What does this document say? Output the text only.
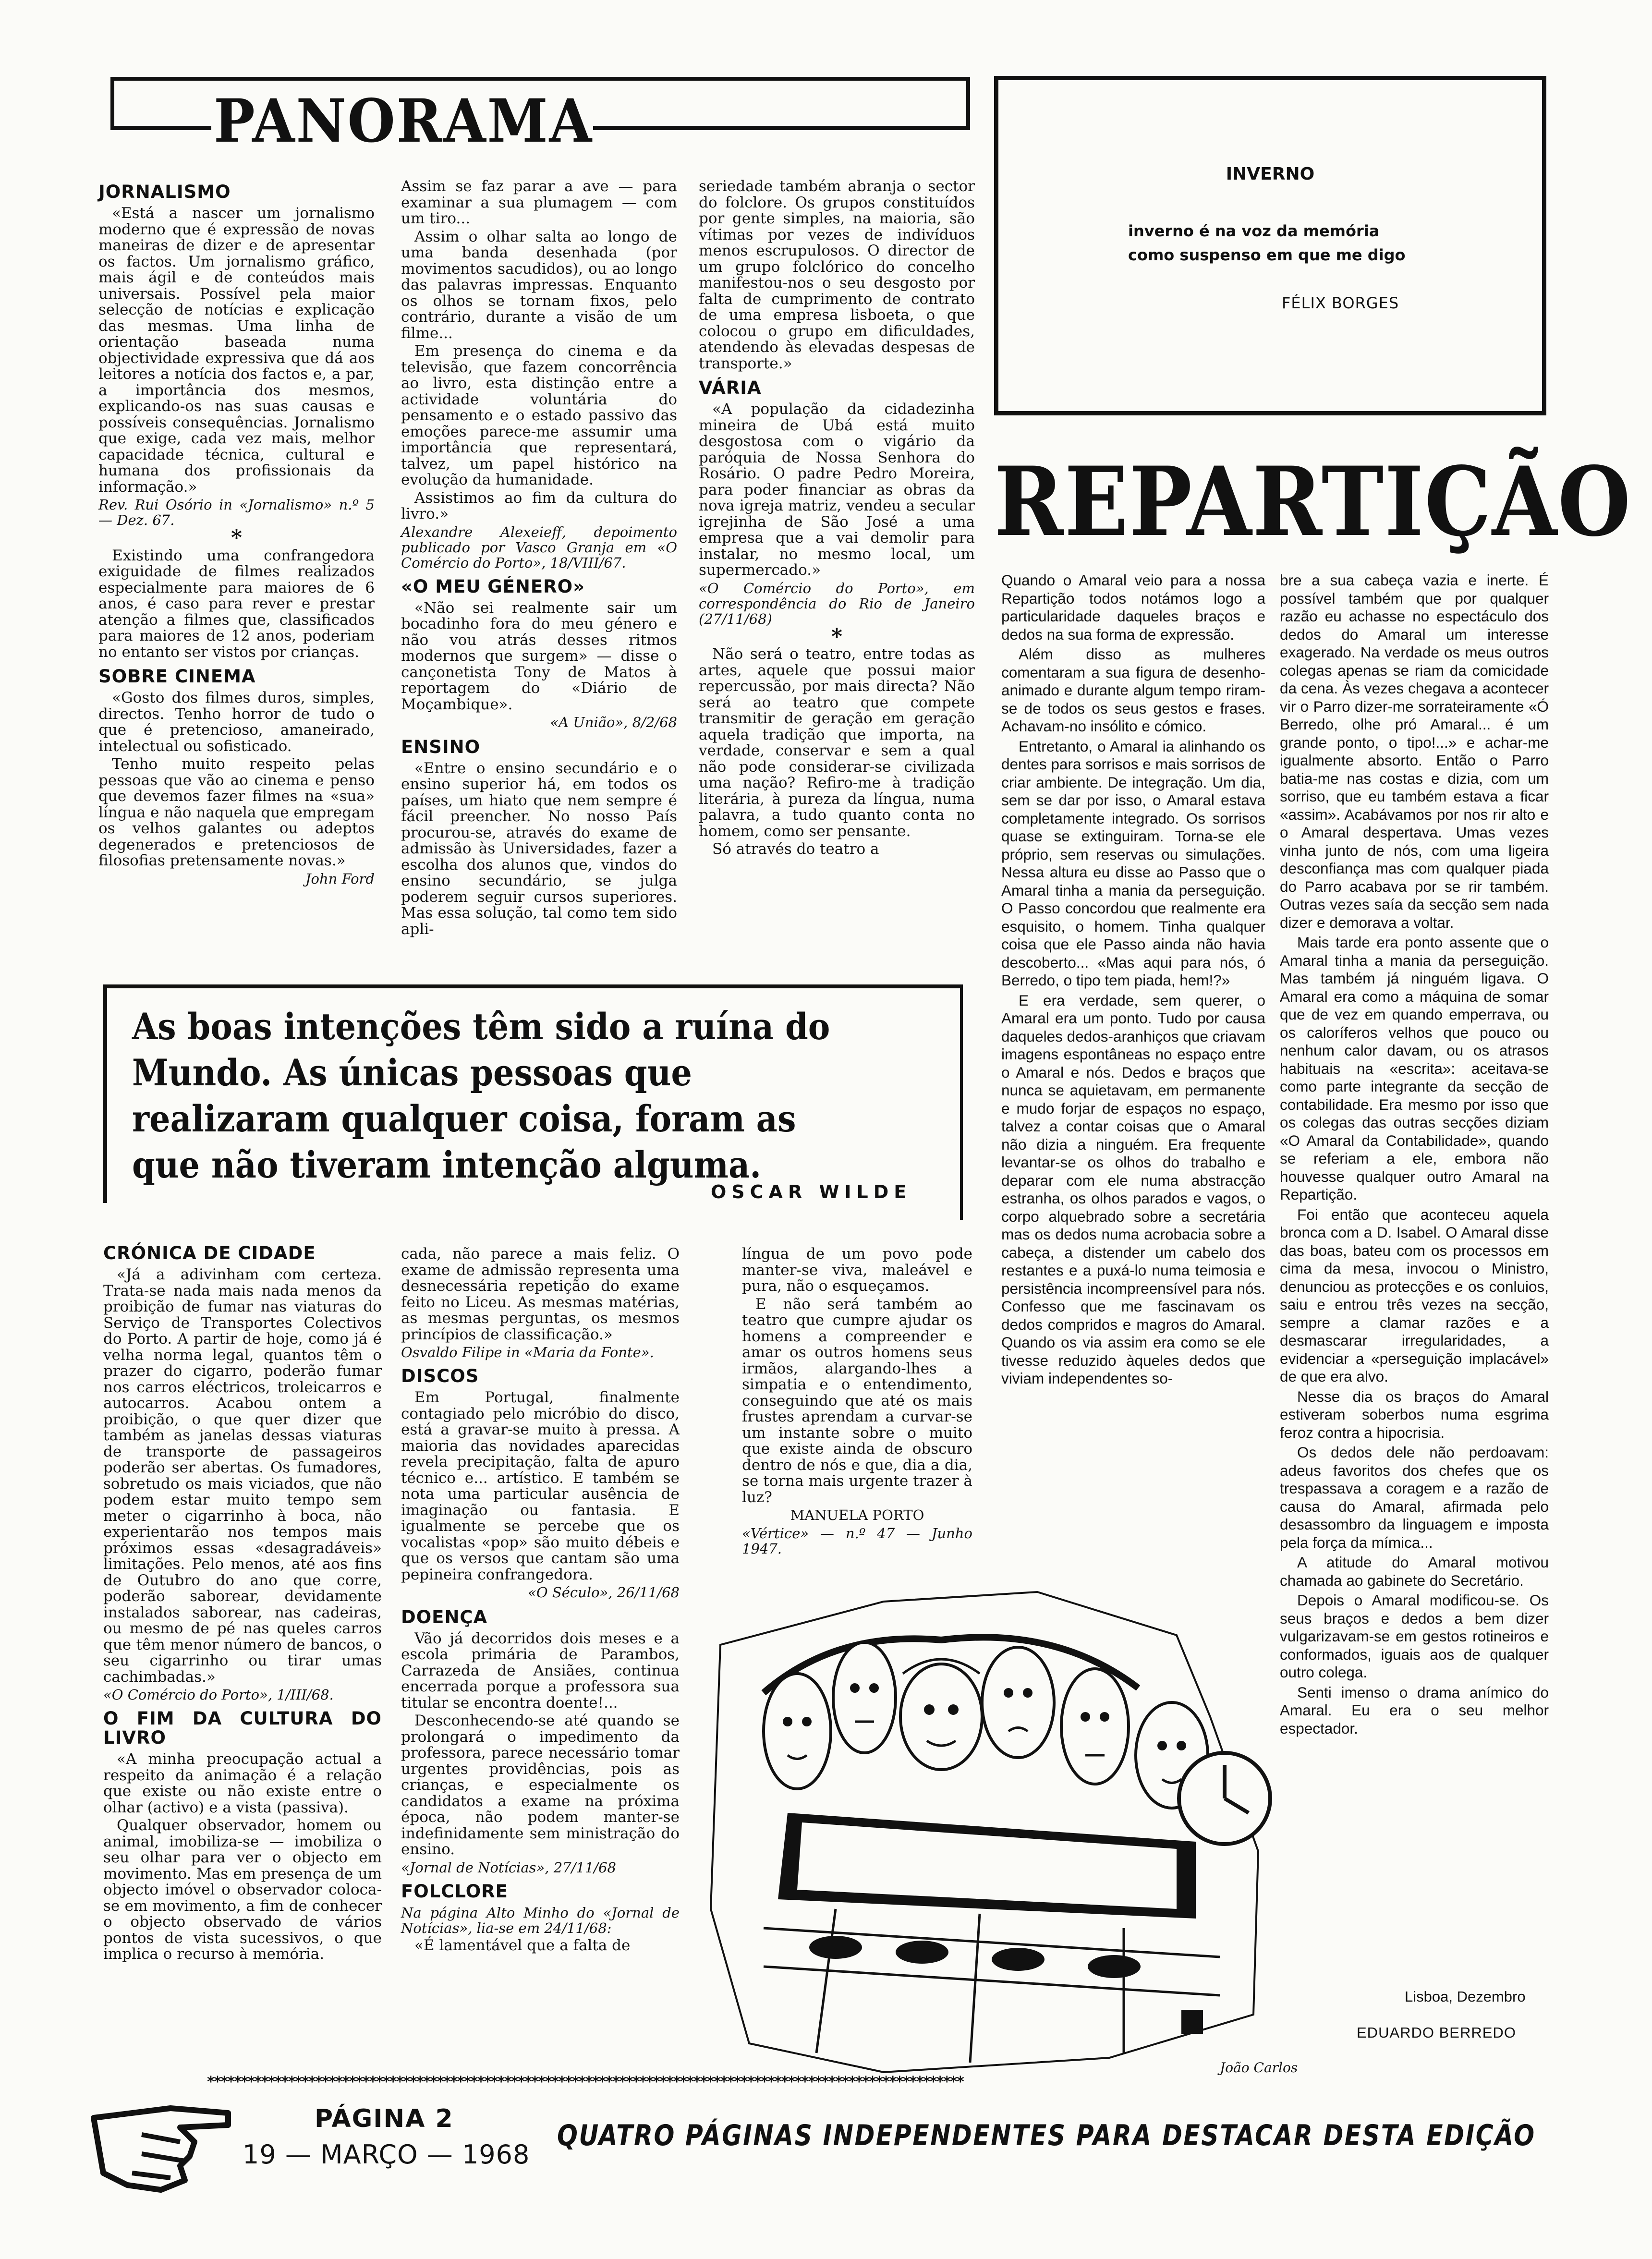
PANORAMA
INVERNO
inverno é na voz da memória
como suspenso em que me digo
FÉLIX BORGES
JORNALISMO

«Está a nascer um jornalismo moderno que é expressão de novas maneiras de dizer e de apresentar os factos. Um jornalismo gráfico, mais ágil e de conteúdos mais universais. Possível pela maior selecção de notícias e explicação das mesmas. Uma linha de orientação baseada numa objectividade expressiva que dá aos leitores a notícia dos factos e, a par, a importância dos mesmos, explicando-os nas suas causas e possíveis consequências. Jornalismo que exige, cada vez mais, melhor capacidade técnica, cultural e humana dos profissionais da informação.»

Rev. Rui Osório in «Jornalismo» n.º 5 — Dez. 67.

*

Existindo uma confrangedora exiguidade de filmes realizados especialmente para maiores de 6 anos, é caso para rever e prestar atenção a filmes que, classificados para maiores de 12 anos, poderiam no entanto ser vistos por crianças.

SOBRE CINEMA

«Gosto dos filmes duros, simples, directos. Tenho horror de tudo o que é pretencioso, amaneirado, intelectual ou sofisticado.

Tenho muito respeito pelas pessoas que vão ao cinema e penso que devemos fazer filmes na «sua» língua e não naquela que empregam os velhos galantes ou adeptos degenerados e pretenciosos de filosofias pretensamente novas.»

John Ford

Assim se faz parar a ave — para examinar a sua plumagem — com um tiro...

Assim o olhar salta ao longo de uma banda desenhada (por movimentos sacudidos), ou ao longo das palavras impressas. Enquanto os olhos se tornam fixos, pelo contrário, durante a visão de um filme...

Em presença do cinema e da televisão, que fazem concorrência ao livro, esta distinção entre a actividade voluntária do pensamento e o estado passivo das emoções parece-me assumir uma importância que representará, talvez, um papel histórico na evolução da humanidade.

Assistimos ao fim da cultura do livro.»

Alexandre Alexeieff, depoimento publicado por Vasco Granja em «O Comércio do Porto», 18/VIII/67.

«O MEU GÉNERO»

«Não sei realmente sair um bocadinho fora do meu género e não vou atrás desses ritmos modernos que surgem» — disse o cançonetista Tony de Matos à reportagem do «Diário de Moçambique».

«A União», 8/2/68

ENSINO

«Entre o ensino secundário e o ensino superior há, em todos os países, um hiato que nem sempre é fácil preencher. No nosso País procurou-se, através do exame de admissão às Universidades, fazer a escolha dos alunos que, vindos do ensino secundário, se julga poderem seguir cursos superiores. Mas essa solução, tal como tem sido apli-

seriedade também abranja o sector do folclore. Os grupos constituídos por gente simples, na maioria, são vítimas por vezes de indivíduos menos escrupulosos. O director de um grupo folclórico do concelho manifestou-nos o seu desgosto por falta de cumprimento de contrato de uma empresa lisboeta, o que colocou o grupo em dificuldades, atendendo às elevadas despesas de transporte.»

VÁRIA

«A população da cidadezinha mineira de Ubá está muito desgostosa com o vigário da paróquia de Nossa Senhora do Rosário. O padre Pedro Moreira, para poder financiar as obras da nova igreja matriz, vendeu a secular igrejinha de São José a uma empresa que a vai demolir para instalar, no mesmo local, um supermercado.»

«O Comércio do Porto», em correspondência do Rio de Janeiro (27/11/68)

*

Não será o teatro, entre todas as artes, aquele que possui maior repercussão, por mais directa? Não será ao teatro que compete transmitir de geração em geração aquela tradição que importa, na verdade, conservar e sem a qual não pode considerar-se civilizada uma nação? Refiro-me à tradição literária, à pureza da língua, numa palavra, a tudo quanto conta no homem, como ser pensante.

Só através do teatro a

As boas intenções têm sido a ruína do Mundo. As únicas pessoas que realizaram qualquer coisa, foram as que não tiveram intenção alguma.
OSCAR WILDE
CRÓNICA DE CIDADE

«Já a adivinham com certeza. Trata-se nada mais nada menos da proibição de fumar nas viaturas do Serviço de Transportes Colectivos do Porto. A partir de hoje, como já é velha norma legal, quantos têm o prazer do cigarro, poderão fumar nos carros eléctricos, troleicarros e autocarros. Acabou ontem a proibição, o que quer dizer que também as janelas dessas viaturas de transporte de passageiros poderão ser abertas. Os fumadores, sobretudo os mais viciados, que não podem estar muito tempo sem meter o cigarrinho à boca, não experientarão nos tempos mais próximos essas «desagradáveis» limitações. Pelo menos, até aos fins de Outubro do ano que corre, poderão saborear, devidamente instalados saborear, nas cadeiras, ou mesmo de pé nas queles carros que têm menor número de bancos, o seu cigarrinho ou tirar umas cachimbadas.»

«O Comércio do Porto», 1/III/68.

O FIM DA CULTURA DO LIVRO

«A minha preocupação actual a respeito da animação é a relação que existe ou não existe entre o olhar (activo) e a vista (passiva).

Qualquer observador, homem ou animal, imobiliza-se — imobiliza o seu olhar para ver o objecto em movimento. Mas em presença de um objecto imóvel o observador coloca-se em movimento, a fim de conhecer o objecto observado de vários pontos de vista sucessivos, o que implica o recurso à memória.

cada, não parece a mais feliz. O exame de admissão representa uma desnecessária repetição do exame feito no Liceu. As mesmas matérias, as mesmas perguntas, os mesmos princípios de classificação.»

Osvaldo Filipe in «Maria da Fonte».

DISCOS

Em Portugal, finalmente contagiado pelo micróbio do disco, está a gravar-se muito à pressa. A maioria das novidades aparecidas revela precipitação, falta de apuro técnico e... artístico. E também se nota uma particular ausência de imaginação ou fantasia. E igualmente se percebe que os vocalistas «pop» são muito débeis e que os versos que cantam são uma pepineira confrangedora.

«O Século», 26/11/68

DOENÇA

Vão já decorridos dois meses e a escola primária de Parambos, Carrazeda de Ansiães, continua encerrada porque a professora sua titular se encontra doente!...

Desconhecendo-se até quando se prolongará o impedimento da professora, parece necessário tomar urgentes providências, pois as crianças, e especialmente os candidatos a exame na próxima época, não podem manter-se indefinidamente sem ministração do ensino.

«Jornal de Notícias», 27/11/68

FOLCLORE

Na página Alto Minho do «Jornal de Notícias», lia-se em 24/11/68:

«É lamentável que a falta de

língua de um povo pode manter-se viva, maleável e pura, não o esqueçamos.

E não será também ao teatro que cumpre ajudar os homens a compreender e amar os outros homens seus irmãos, alargando-lhes a simpatia e o entendimento, conseguindo que até os mais frustes aprendam a curvar-se um instante sobre o muito que existe ainda de obscuro dentro de nós e que, dia a dia, se torna mais urgente trazer à luz?

MANUELA PORTO

«Vértice» — n.º 47 — Junho 1947.

João Carlos
REPARTIÇÃO

Quando o Amaral veio para a nossa Repartição todos notámos logo a particularidade daqueles braços e dedos na sua forma de expressão.

Além disso as mulheres comentaram a sua figura de desenho-animado e durante algum tempo riram-se de todos os seus gestos e frases. Achavam-no insólito e cómico.

Entretanto, o Amaral ia alinhando os dentes para sorrisos e mais sorrisos de criar ambiente. De integração. Um dia, sem se dar por isso, o Amaral estava completamente integrado. Os sorrisos quase se extinguiram. Torna-se ele próprio, sem reservas ou simulações. Nessa altura eu disse ao Passo que o Amaral tinha a mania da perseguição. O Passo concordou que realmente era esquisito, o homem. Tinha qualquer coisa que ele Passo ainda não havia descoberto... «Mas aqui para nós, ó Berredo, o tipo tem piada, hem!?»

E era verdade, sem querer, o Amaral era um ponto. Tudo por causa daqueles dedos-aranhiços que criavam imagens espontâneas no espaço entre o Amaral e nós. Dedos e braços que nunca se aquietavam, em permanente e mudo forjar de espaços no espaço, talvez a contar coisas que o Amaral não dizia a ninguém. Era frequente levantar-se os olhos do trabalho e deparar com ele numa abstracção estranha, os olhos parados e vagos, o corpo alquebrado sobre a secretária mas os dedos numa acrobacia sobre a cabeça, a distender um cabelo dos restantes e a puxá-lo numa teimosia e persistência incompreensível para nós. Confesso que me fascinavam os dedos compridos e magros do Amaral. Quando os via assim era como se ele tivesse reduzido àqueles dedos que viviam independentes so-

bre a sua cabeça vazia e inerte. É possível também que por qualquer razão eu achasse no espectáculo dos dedos do Amaral um interesse exagerado. Na verdade os meus outros colegas apenas se riam da comicidade da cena. Às vezes chegava a acontecer vir o Parro dizer-me sorrateiramente «Ó Berredo, olhe pró Amaral... é um grande ponto, o tipo!...» e achar-me igualmente absorto. Então o Parro batia-me nas costas e dizia, com um sorriso, que eu também estava a ficar «assim». Acabávamos por nos rir alto e o Amaral despertava. Umas vezes vinha junto de nós, com uma ligeira desconfiança mas com qualquer piada do Parro acabava por se rir também. Outras vezes saía da secção sem nada dizer e demorava a voltar.

Mais tarde era ponto assente que o Amaral tinha a mania da perseguição. Mas também já ninguém ligava. O Amaral era como a máquina de somar que de vez em quando emperrava, ou os caloríferos velhos que pouco ou nenhum calor davam, ou os atrasos habituais na «escrita»: aceitava-se como parte integrante da secção de contabilidade. Era mesmo por isso que os colegas das outras secções diziam «O Amaral da Contabilidade», quando se referiam a ele, embora não houvesse qualquer outro Amaral na Repartição.

Foi então que aconteceu aquela bronca com a D. Isabel. O Amaral disse das boas, bateu com os processos em cima da mesa, invocou o Ministro, denunciou as protecções e os conluios, saiu e entrou três vezes na secção, sempre a clamar razões e a desmascarar irregularidades, a evidenciar a «perseguição implacável» de que era alvo.

Nesse dia os braços do Amaral estiveram soberbos numa esgrima feroz contra a hipocrisia.

Os dedos dele não perdoavam: adeus favoritos dos chefes que os trespassava a coragem e a razão de causa do Amaral, afirmada pelo desassombro da linguagem e imposta pela força da mímica...

A atitude do Amaral motivou chamada ao gabinete do Secretário.

Depois o Amaral modificou-se. Os seus braços e dedos a bem dizer vulgarizavam-se em gestos rotineiros e conformados, iguais aos de qualquer outro colega.

Senti imenso o drama anímico do Amaral. Eu era o seu melhor espectador.

Lisboa, Dezembro
EDUARDO BERREDO
****************************************************************************************************************
PÁGINA 2
19 — MARÇO — 1968
QUATRO PÁGINAS INDEPENDENTES PARA DESTACAR DESTA EDIÇÃO
